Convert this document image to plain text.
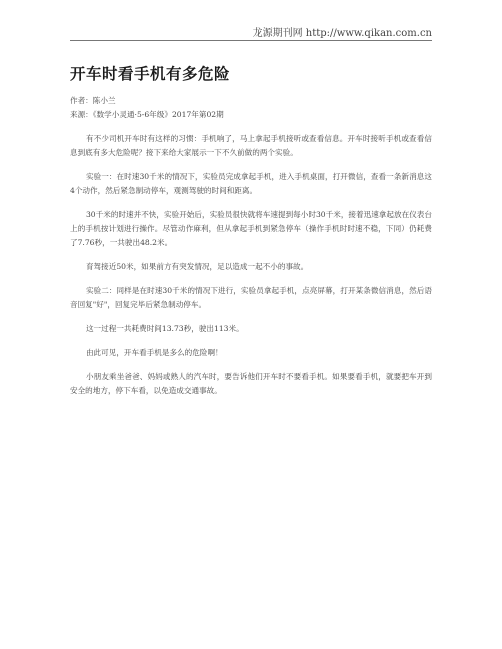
龙源期刊网 http://www.qikan.com.cn
开车时看手机有多危险

作者：陈小兰

来源：《数学小灵通·5-6年级》2017年第02期

有不少司机开车时有这样的习惯：手机响了，马上拿起手机接听或查看信息。开车时接听手机或查看信息到底有多大危险呢？接下来给大家展示一下不久前做的两个实验。

实验一：在时速30千米的情况下，实验员完成拿起手机，进入手机桌面，打开微信，查看一条新消息这4个动作，然后紧急制动停车，观测驾驶的时间和距离。

30千米的时速并不快，实验开始后，实验员很快就将车速提到每小时30千米，接着迅速拿起放在仪表台上的手机按计划进行操作。尽管动作麻利，但从拿起手机到紧急停车（操作手机时时速不稳，下同）仍耗费了7.76秒，一共驶出48.2米。

育驾接近50米，如果前方有突发情况，足以造成一起不小的事故。

实验二：同样是在时速30千米的情况下进行，实验员拿起手机，点亮屏幕，打开某条微信消息，然后语音回复"好"，回复完毕后紧急制动停车。

这一过程一共耗费时间13.73秒，驶出113米。

由此可见，开车看手机是多么的危险啊！

小朋友乘坐爸爸、妈妈或熟人的汽车时，要告诉他们开车时不要看手机。如果要看手机，就要把车开到安全的地方，停下车看，以免造成交通事故。
